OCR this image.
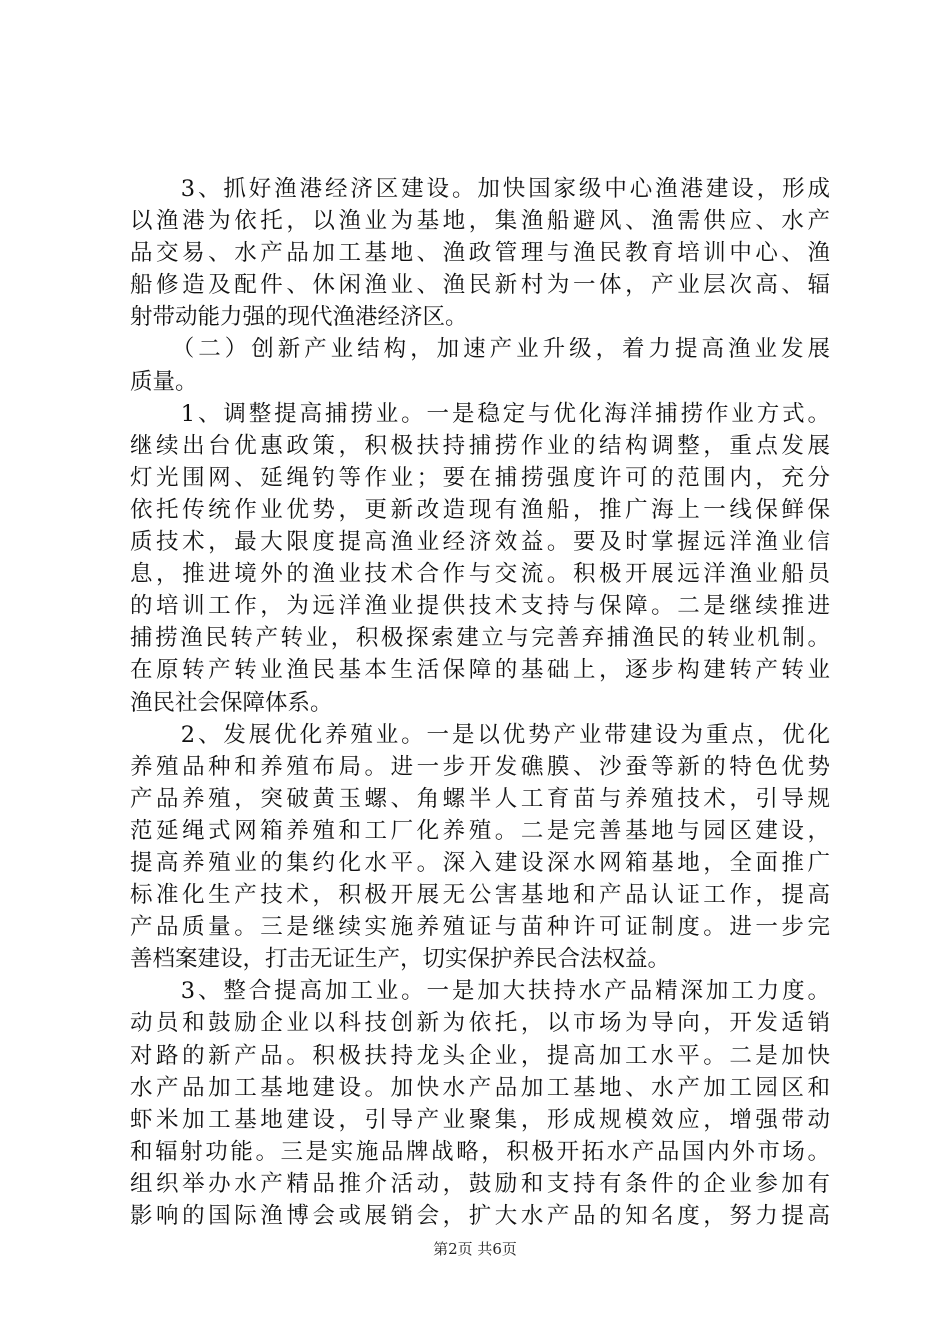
　　3、抓好渔港经济区建设。加快国家级中心渔港建设，形成
以渔港为依托，以渔业为基地，集渔船避风、渔需供应、水产
品交易、水产品加工基地、渔政管理与渔民教育培训中心、渔
船修造及配件、休闲渔业、渔民新村为一体，产业层次高、辐
射带动能力强的现代渔港经济区。
　　（二）创新产业结构，加速产业升级，着力提高渔业发展
质量。
　　1、调整提高捕捞业。一是稳定与优化海洋捕捞作业方式。
继续出台优惠政策，积极扶持捕捞作业的结构调整，重点发展
灯光围网、延绳钓等作业；要在捕捞强度许可的范围内，充分
依托传统作业优势，更新改造现有渔船，推广海上一线保鲜保
质技术，最大限度提高渔业经济效益。要及时掌握远洋渔业信
息，推进境外的渔业技术合作与交流。积极开展远洋渔业船员
的培训工作，为远洋渔业提供技术支持与保障。二是继续推进
捕捞渔民转产转业，积极探索建立与完善弃捕渔民的转业机制。
在原转产转业渔民基本生活保障的基础上，逐步构建转产转业
渔民社会保障体系。
　　2、发展优化养殖业。一是以优势产业带建设为重点，优化
养殖品种和养殖布局。进一步开发礁膜、沙蚕等新的特色优势
产品养殖，突破黄玉螺、角螺半人工育苗与养殖技术，引导规
范延绳式网箱养殖和工厂化养殖。二是完善基地与园区建设，
提高养殖业的集约化水平。深入建设深水网箱基地，全面推广
标准化生产技术，积极开展无公害基地和产品认证工作，提高
产品质量。三是继续实施养殖证与苗种许可证制度。进一步完
善档案建设，打击无证生产，切实保护养民合法权益。
　　3、整合提高加工业。一是加大扶持水产品精深加工力度。
动员和鼓励企业以科技创新为依托，以市场为导向，开发适销
对路的新产品。积极扶持龙头企业，提高加工水平。二是加快
水产品加工基地建设。加快水产品加工基地、水产加工园区和
虾米加工基地建设，引导产业聚集，形成规模效应，增强带动
和辐射功能。三是实施品牌战略，积极开拓水产品国内外市场。
组织举办水产精品推介活动，鼓励和支持有条件的企业参加有
影响的国际渔博会或展销会，扩大水产品的知名度，努力提高
第2页 共6页
